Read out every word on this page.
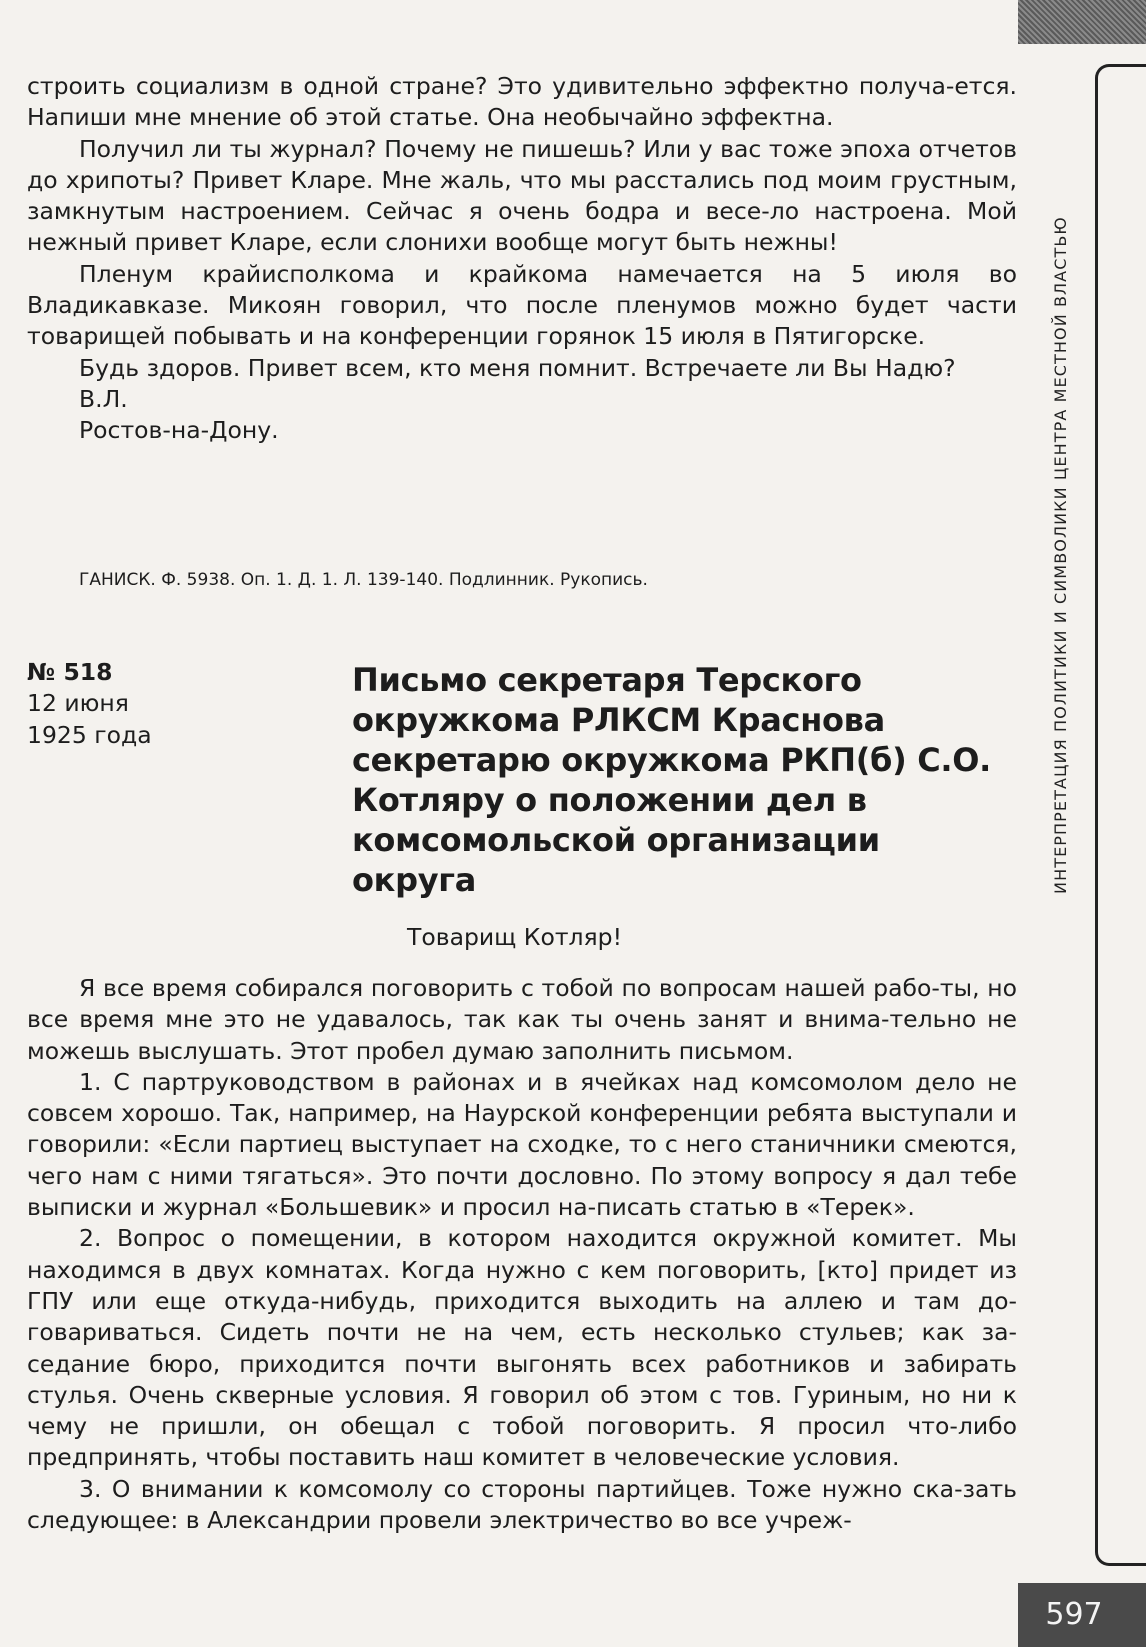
ИНТЕРПРЕТАЦИЯ ПОЛИТИКИ И СИМВОЛИКИ ЦЕНТРА МЕСТНОЙ ВЛАСТЬЮ

строить социализм в одной стране? Это удивительно эффектно получа-ется. Напиши мне мнение об этой статье. Она необычайно эффектна.

Получил ли ты журнал? Почему не пишешь? Или у вас тоже эпоха отчетов до хрипоты? Привет Кларе. Мне жаль, что мы расстались под моим грустным, замкнутым настроением. Сейчас я очень бодра и весе-ло настроена. Мой нежный привет Кларе, если слонихи вообще могут быть нежны!

Пленум крайисполкома и крайкома намечается на 5 июля во Владикавказе. Микоян говорил, что после пленумов можно будет части товарищей побывать и на конференции горянок 15 июля в Пятигорске.

Будь здоров. Привет всем, кто меня помнит. Встречаете ли Вы Надю?

В.Л.
Ростов-на-Дону.
ГАНИСК. Ф. 5938. Оп. 1. Д. 1. Л. 139-140. Подлинник. Рукопись.
№ 518
12 июня
1925 года
Письмо секретаря Терского окружкома РЛКСМ Краснова секретарю окружкома РКП(б) С.О. Котляру о положении дел в комсомольской организации округа
Товарищ Котляр!

Я все время собирался поговорить с тобой по вопросам нашей рабо-ты, но все время мне это не удавалось, так как ты очень занят и внима-тельно не можешь выслушать. Этот пробел думаю заполнить письмом.

1. С партруководством в районах и в ячейках над комсомолом дело не совсем хорошо. Так, например, на Наурской конференции ребята выступали и говорили: «Если партиец выступает на сходке, то с него станичники смеются, чего нам с ними тягаться». Это почти дословно. По этому вопросу я дал тебе выписки и журнал «Большевик» и просил на-писать статью в «Терек».

2. Вопрос о помещении, в котором находится окружной комитет. Мы находимся в двух комнатах. Когда нужно с кем поговорить, [кто] придет из ГПУ или еще откуда-нибудь, приходится выходить на аллею и там до-говариваться. Сидеть почти не на чем, есть несколько стульев; как за-седание бюро, приходится почти выгонять всех работников и забирать стулья. Очень скверные условия. Я говорил об этом с тов. Гуриным, но ни к чему не пришли, он обещал с тобой поговорить. Я просил что-либо предпринять, чтобы поставить наш комитет в человеческие условия.

3. О внимании к комсомолу со стороны партийцев. Тоже нужно ска-зать следующее: в Александрии провели электричество во все учреж-

597
